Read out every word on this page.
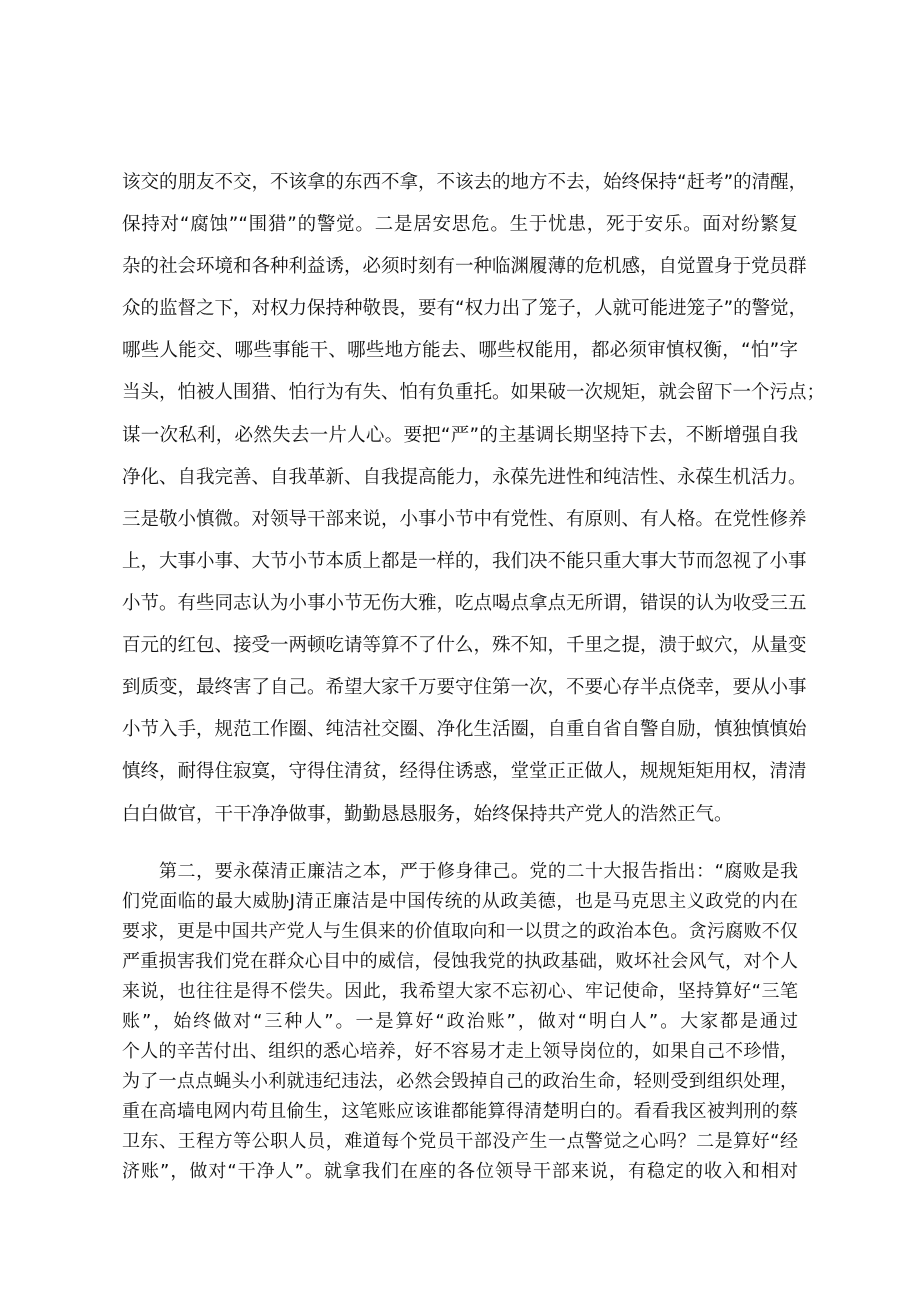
该交的朋友不交，不该拿的东西不拿，不该去的地方不去，始终保持“赶考”的清醒，
保持对“腐蚀”“围猎”的警觉。二是居安思危。生于忧患，死于安乐。面对纷繁复
杂的社会环境和各种利益诱，必须时刻有一种临渊履薄的危机感，自觉置身于党员群
众的监督之下，对权力保持种敬畏，要有“权力出了笼子，人就可能进笼子”的警觉，
哪些人能交、哪些事能干、哪些地方能去、哪些权能用，都必须审慎权衡，“怕”字
当头，怕被人围猎、怕行为有失、怕有负重托。如果破一次规矩，就会留下一个污点；
谋一次私利，必然失去一片人心。要把“严”的主基调长期坚持下去，不断增强自我
净化、自我完善、自我革新、自我提高能力，永葆先进性和纯洁性、永葆生机活力。
三是敬小慎微。对领导干部来说，小事小节中有党性、有原则、有人格。在党性修养
上，大事小事、大节小节本质上都是一样的，我们决不能只重大事大节而忽视了小事
小节。有些同志认为小事小节无伤大雅，吃点喝点拿点无所谓，错误的认为收受三五
百元的红包、接受一两顿吃请等算不了什么，殊不知，千里之提，溃于蚁穴，从量变
到质变，最终害了自己。希望大家千万要守住第一次，不要心存半点侥幸，要从小事
小节入手，规范工作圈、纯洁社交圈、净化生活圈，自重自省自警自励，慎独慎慎始
慎终，耐得住寂寞，守得住清贫，经得住诱惑，堂堂正正做人，规规矩矩用权，清清
白白做官，干干净净做事，勤勤恳恳服务，始终保持共产党人的浩然正气。
　　第二，要永葆清正廉洁之本，严于修身律己。党的二十大报告指出：“腐败是我
们党面临的最大威胁J清正廉洁是中国传统的从政美德，也是马克思主义政党的内在
要求，更是中国共产党人与生俱来的价值取向和一以贯之的政治本色。贪污腐败不仅
严重损害我们党在群众心目中的威信，侵蚀我党的执政基础，败坏社会风气，对个人
来说，也往往是得不偿失。因此，我希望大家不忘初心、牢记使命，坚持算好“三笔
账”，始终做对“三种人”。一是算好“政治账”，做对“明白人”。大家都是通过
个人的辛苦付出、组织的悉心培养，好不容易才走上领导岗位的，如果自己不珍惜，
为了一点点蝇头小利就违纪违法，必然会毁掉自己的政治生命，轻则受到组织处理，
重在高墙电网内苟且偷生，这笔账应该谁都能算得清楚明白的。看看我区被判刑的蔡
卫东、王程方等公职人员，难道每个党员干部没产生一点警觉之心吗？二是算好“经
济账”，做对“干净人”。就拿我们在座的各位领导干部来说，有稳定的收入和相对
